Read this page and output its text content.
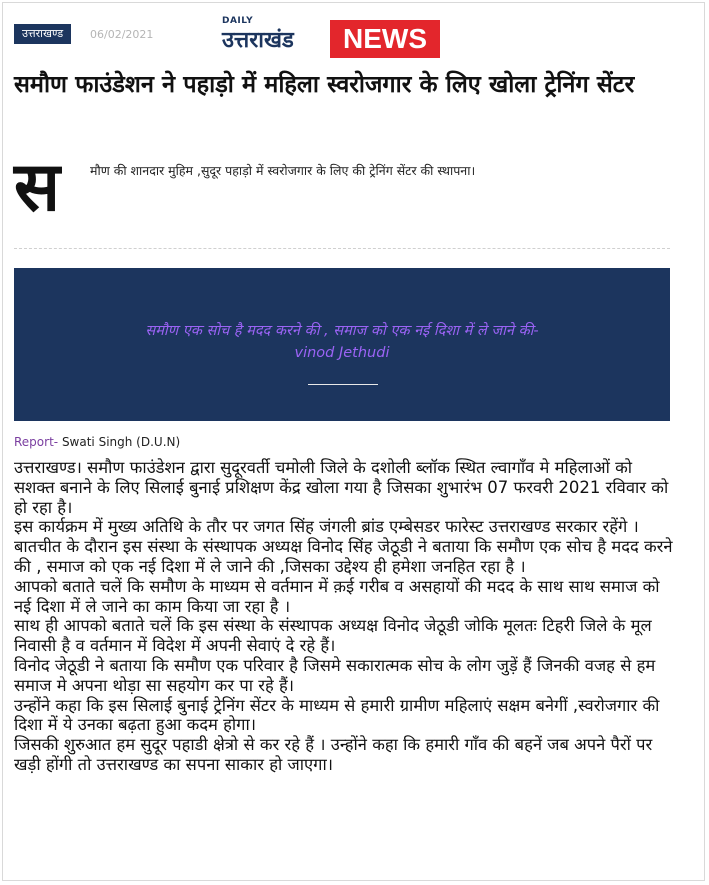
उत्तराखण्ड	06/02/2021
DAILY
उत्तराखंड	NEWS
समौण फाउंडेशन ने पहाड़ो में महिला स्वरोजगार के लिए खोला ट्रेनिंग सेंटर
स मौण की शानदार मुहिम ,सुदूर पहाड़ो में स्वरोजगार के लिए की ट्रेनिंग सेंटर की स्थापना।
समौण एक सोच है मदद करने की , समाज को एक नई दिशा में ले जाने की-
vinod Jethudi
Report- Swati Singh (D.U.N)

उत्तराखण्ड। समौण फाउंडेशन द्वारा सुदूरवर्ती चमोली जिले के दशोली ब्लॉक स्थित ल्वागाँव मे महिलाओं को सशक्त बनाने के लिए सिलाई बुनाई प्रशिक्षण केंद्र खोला गया है जिसका शुभारंभ 07 फरवरी 2021 रविवार को हो रहा है।

इस कार्यक्रम में मुख्य अतिथि के तौर पर जगत सिंह जंगली ब्रांड एम्बेसडर फारेस्ट उत्तराखण्ड सरकार रहेंगे ।

बातचीत के दौरान इस संस्था के संस्थापक अध्यक्ष विनोद सिंह जेठूडी ने बताया कि समौण एक सोच है मदद करने की , समाज को एक नई दिशा में ले जाने की ,जिसका उद्देश्य ही हमेशा जनहित रहा है ।

आपको बताते चलें कि समौण के माध्यम से वर्तमान में क़ई गरीब व असहायों की मदद के साथ साथ समाज को नई दिशा में ले जाने का काम किया जा रहा है ।

साथ ही आपको बताते चलें कि इस संस्था के संस्थापक अध्यक्ष विनोद जेठूडी जोकि मूलतः टिहरी जिले के मूल निवासी है व वर्तमान में विदेश में अपनी सेवाएं दे रहे हैं।

विनोद जेठूडी ने बताया कि समौण एक परिवार है जिसमे सकारात्मक सोच के लोग जुड़ें हैं जिनकी वजह से हम समाज मे अपना थोड़ा सा सहयोग कर पा रहे हैं।

उन्होंने कहा कि इस सिलाई बुनाई ट्रेनिंग सेंटर के माध्यम से हमारी ग्रामीण महिलाएं सक्षम बनेगीं ,स्वरोजगार की दिशा में ये उनका बढ़ता हुआ कदम होगा।

जिसकी शुरुआत हम सुदूर पहाडी क्षेत्रो से कर रहे हैं । उन्होंने कहा कि हमारी गाँव की बहनें जब अपने पैरों पर खड़ी होंगी तो उत्तराखण्ड का सपना साकार हो जाएगा।
